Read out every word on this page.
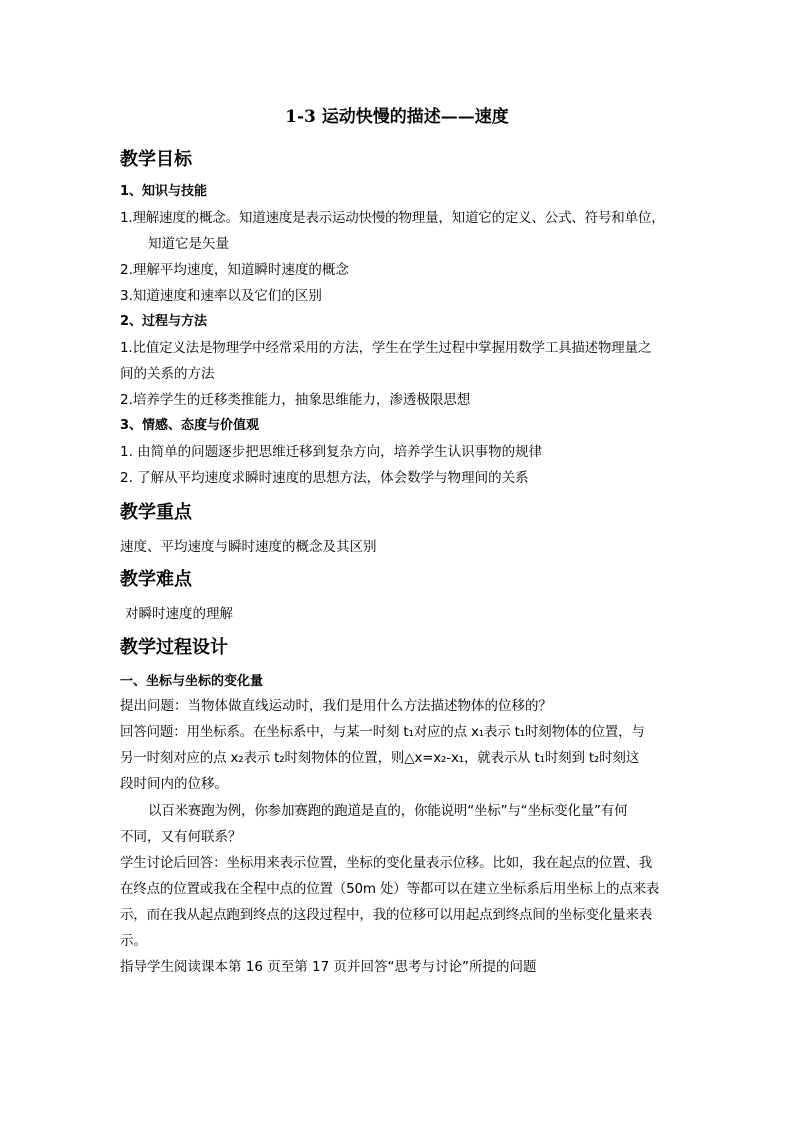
1-3 运动快慢的描述——速度
教学目标
1、知识与技能
1.理解速度的概念。知道速度是表示运动快慢的物理量，知道它的定义、公式、符号和单位，
知道它是矢量
2.理解平均速度，知道瞬时速度的概念
3.知道速度和速率以及它们的区别
2、过程与方法
1.比值定义法是物理学中经常采用的方法，学生在学生过程中掌握用数学工具描述物理量之
间的关系的方法
2.培养学生的迁移类推能力，抽象思维能力，渗透极限思想
3、情感、态度与价值观
1. 由简单的问题逐步把思维迁移到复杂方向，培养学生认识事物的规律
2. 了解从平均速度求瞬时速度的思想方法，体会数学与物理间的关系
教学重点
速度、平均速度与瞬时速度的概念及其区别
教学难点
对瞬时速度的理解
教学过程设计
一、坐标与坐标的变化量
提出问题：当物体做直线运动时，我们是用什么方法描述物体的位移的？
回答问题：用坐标系。在坐标系中，与某一时刻 t₁对应的点 x₁表示 t₁时刻物体的位置，与
另一时刻对应的点 x₂表示 t₂时刻物体的位置，则△x=x₂-x₁，就表示从 t₁时刻到 t₂时刻这
段时间内的位移。
以百米赛跑为例，你参加赛跑的跑道是直的，你能说明“坐标”与“坐标变化量”有何
不同，又有何联系？
学生讨论后回答：坐标用来表示位置，坐标的变化量表示位移。比如，我在起点的位置、我
在终点的位置或我在全程中点的位置（50m 处）等都可以在建立坐标系后用坐标上的点来表
示，而在我从起点跑到终点的这段过程中，我的位移可以用起点到终点间的坐标变化量来表
示。
指导学生阅读课本第 16 页至第 17 页并回答“思考与讨论”所提的问题
